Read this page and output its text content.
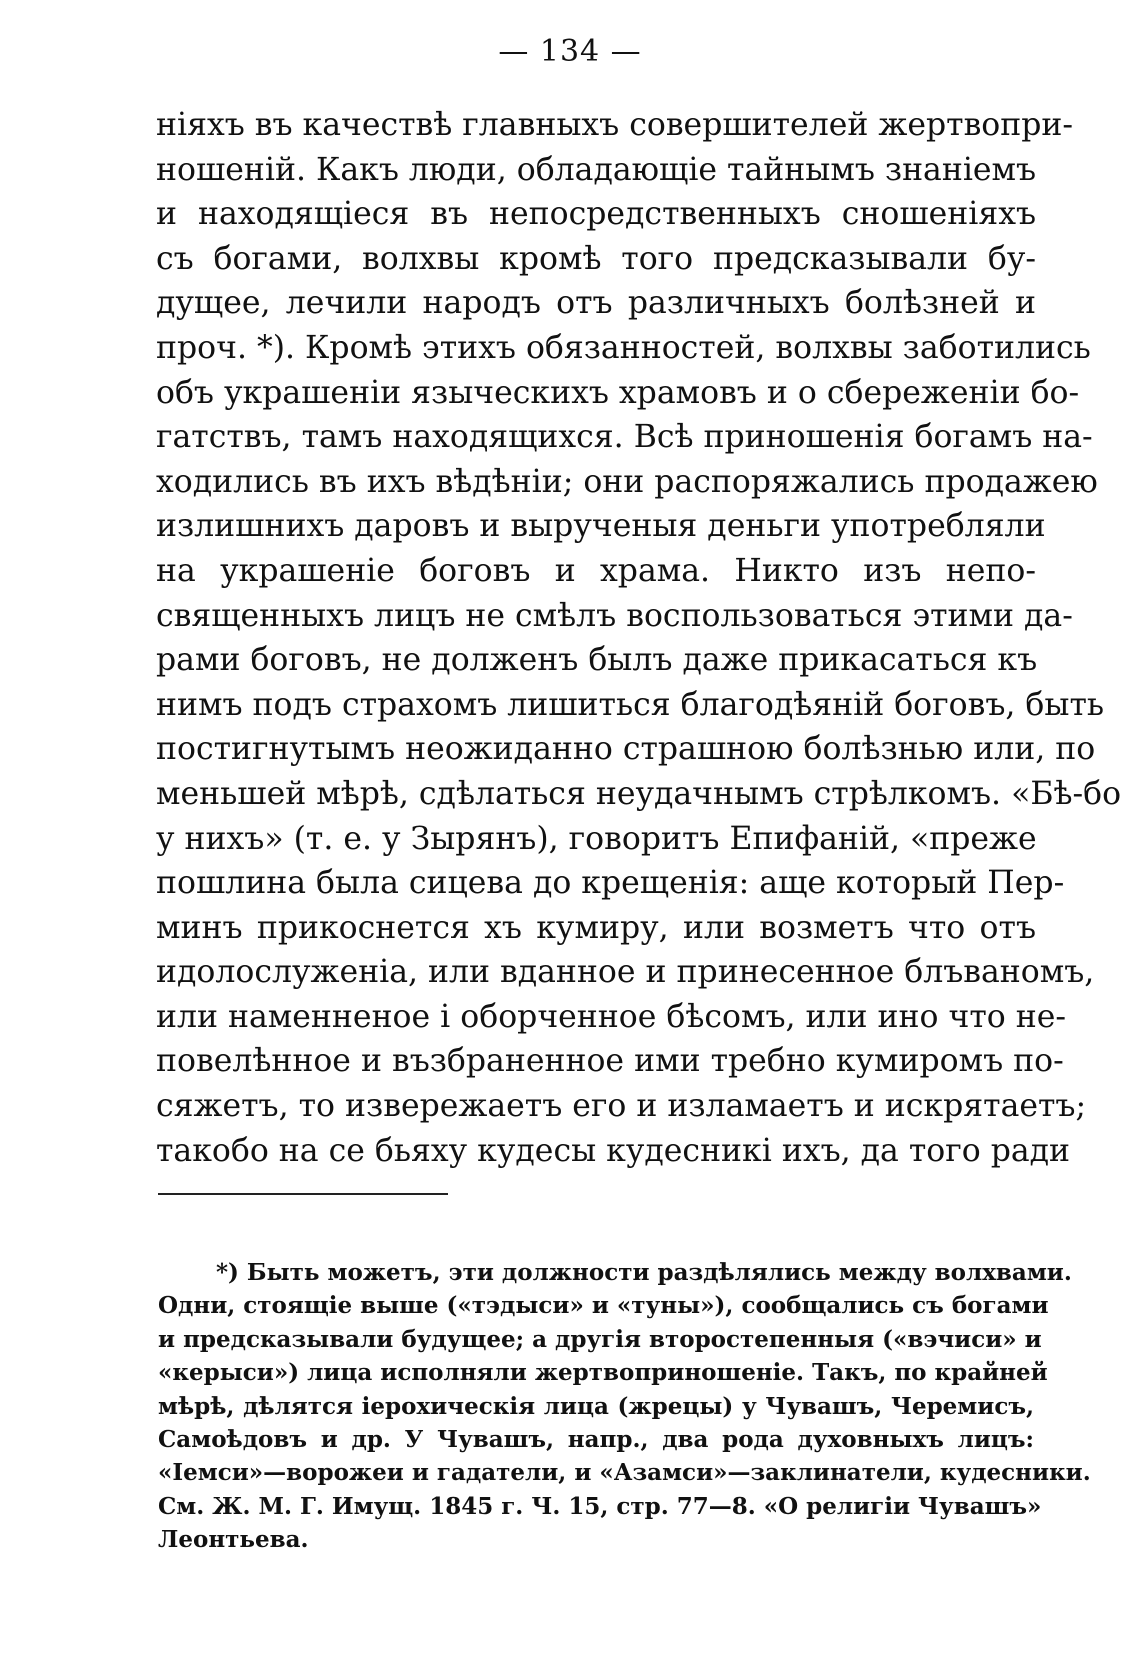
— 134 —
ніяхъ въ качествѣ главныхъ совершителей жертвопри-
ношеній. Какъ люди, обладающіе тайнымъ знаніемъ
и находящіеся въ непосредственныхъ сношеніяхъ
съ богами, волхвы кромѣ того предсказывали бу-
дущее, лечили народъ отъ различныхъ болѣзней и
проч. *). Кромѣ этихъ обязанностей, волхвы заботились
объ украшеніи языческихъ храмовъ и о сбереженіи бо-
гатствъ, тамъ находящихся. Всѣ приношенія богамъ на-
ходились въ ихъ вѣдѣніи; они распоряжались продажею
излишнихъ даровъ и вырученыя деньги употребляли
на украшеніе боговъ и храма. Никто изъ непо-
священныхъ лицъ не смѣлъ воспользоваться этими да-
рами боговъ, не долженъ былъ даже прикасаться къ
нимъ подъ страхомъ лишиться благодѣяній боговъ, быть
постигнутымъ неожиданно страшною болѣзнью или, по
меньшей мѣрѣ, сдѣлаться неудачнымъ стрѣлкомъ. «Бѣ-бо
у нихъ» (т. е. у Зырянъ), говоритъ Епифаній, «преже
пошлина была сицева до крещенія: аще который Пер-
минъ прикоснется хъ кумиру, или возметъ что отъ
идолослуженіа, или вданное и принесенное блъваномъ,
или наменненое і оборченное бѣсомъ, или ино что не-
повелѣнное и възбраненное ими требно кумиромъ по-
сяжетъ, то извережаетъ его и изламаетъ и искрятаетъ;
такобо на се бьяху кудесы кудесникі ихъ, да того ради
*) Быть можетъ, эти должности раздѣлялись между волхвами.
Одни, стоящіе выше («тэдыси» и «туны»), сообщались съ богами
и предсказывали будущее; а другія второстепенныя («вэчиси» и
«керыси») лица исполняли жертвоприношеніе. Такъ, по крайней
мѣрѣ, дѣлятся іерохическія лица (жрецы) у Чувашъ, Черемисъ,
Самоѣдовъ и др. У Чувашъ, напр., два рода духовныхъ лицъ:
«Іемси»—ворожеи и гадатели, и «Азамси»—заклинатели, кудесники.
См. Ж. М. Г. Имущ. 1845 г. Ч. 15, стр. 77—8. «О религіи Чувашъ»
Леонтьева.
